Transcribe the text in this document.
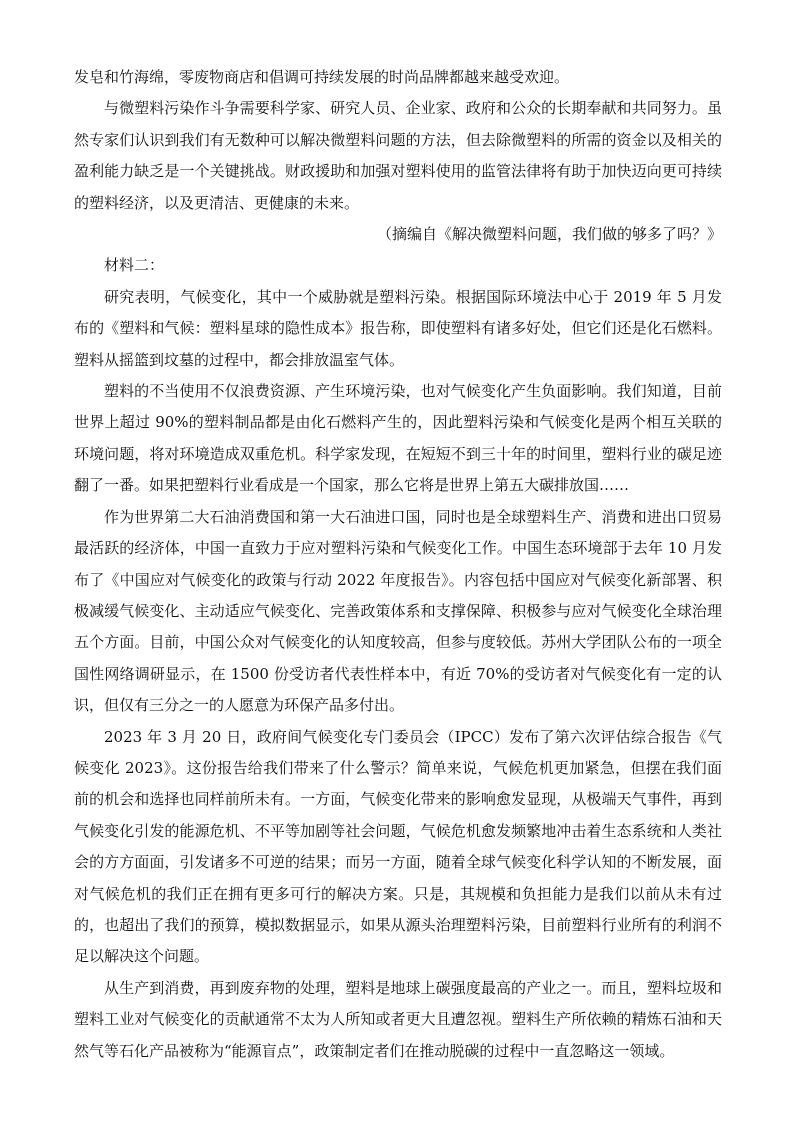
发皂和竹海绵，零废物商店和倡调可持续发展的时尚品牌都越来越受欢迎。

与微塑料污染作斗争需要科学家、研究人员、企业家、政府和公众的长期奉献和共同努力。虽然专家们认识到我们有无数种可以解决微塑料问题的方法，但去除微塑料的所需的资金以及相关的盈利能力缺乏是一个关键挑战。财政援助和加强对塑料使用的监管法律将有助于加快迈向更可持续的塑料经济，以及更清洁、更健康的未来。

（摘编自《解决微塑料问题，我们做的够多了吗？》

材料二：

研究表明，气候变化，其中一个威胁就是塑料污染。根据国际环境法中心于 2019 年 5 月发布的《塑料和气候：塑料星球的隐性成本》报告称，即使塑料有诸多好处，但它们还是化石燃料。塑料从摇篮到坟墓的过程中，都会排放温室气体。

塑料的不当使用不仅浪费资源、产生环境污染，也对气候变化产生负面影响。我们知道，目前世界上超过 90%的塑料制品都是由化石燃料产生的，因此塑料污染和气候变化是两个相互关联的环境问题，将对环境造成双重危机。科学家发现，在短短不到三十年的时间里，塑料行业的碳足迹翻了一番。如果把塑料行业看成是一个国家，那么它将是世界上第五大碳排放国……

作为世界第二大石油消费国和第一大石油进口国，同时也是全球塑料生产、消费和进出口贸易最活跃的经济体，中国一直致力于应对塑料污染和气候变化工作。中国生态环境部于去年 10 月发布了《中国应对气候变化的政策与行动 2022 年度报告》。内容包括中国应对气候变化新部署、积极减缓气候变化、主动适应气候变化、完善政策体系和支撑保障、积极参与应对气候变化全球治理五个方面。目前，中国公众对气候变化的认知度较高，但参与度较低。苏州大学团队公布的一项全国性网络调研显示，在 1500 份受访者代表性样本中，有近 70%的受访者对气候变化有一定的认识，但仅有三分之一的人愿意为环保产品多付出。

2023 年 3 月 20 日，政府间气候变化专门委员会（IPCC）发布了第六次评估综合报告《气候变化 2023》。这份报告给我们带来了什么警示？简单来说，气候危机更加紧急，但摆在我们面前的机会和选择也同样前所未有。一方面，气候变化带来的影响愈发显现，从极端天气事件，再到气候变化引发的能源危机、不平等加剧等社会问题，气候危机愈发频繁地冲击着生态系统和人类社会的方方面面，引发诸多不可逆的结果；而另一方面，随着全球气候变化科学认知的不断发展，面对气候危机的我们正在拥有更多可行的解决方案。只是，其规模和负担能力是我们以前从未有过的，也超出了我们的预算，模拟数据显示，如果从源头治理塑料污染，目前塑料行业所有的利润不足以解决这个问题。

从生产到消费，再到废弃物的处理，塑料是地球上碳强度最高的产业之一。而且，塑料垃圾和塑料工业对气候变化的贡献通常不太为人所知或者更大且遭忽视。塑料生产所依赖的精炼石油和天然气等石化产品被称为“能源盲点”，政策制定者们在推动脱碳的过程中一直忽略这一领域。
